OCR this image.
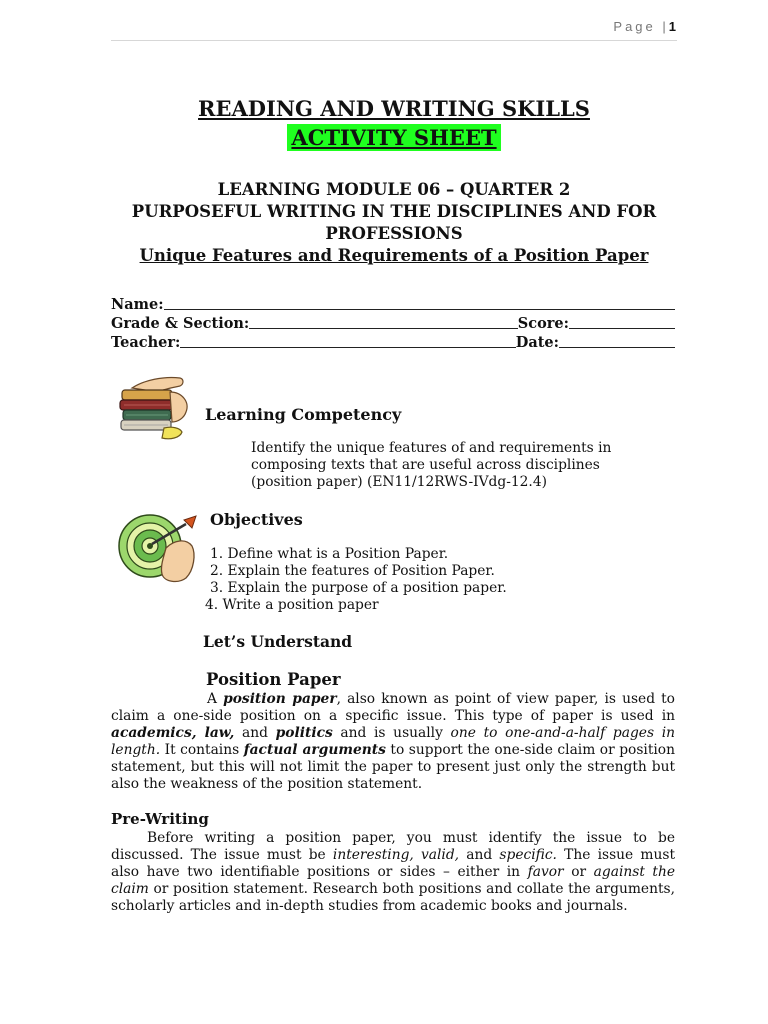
Page |1
READING AND WRITING SKILLS
ACTIVITY SHEET
LEARNING MODULE 06 – QUARTER 2
PURPOSEFUL WRITING IN THE DISCIPLINES AND FOR
PROFESSIONS
Unique Features and Requirements of a Position Paper
Name:
Grade & Section:	Score:
Teacher:	Date:
Learning Competency
Identify the unique features of and requirements in
composing texts that are useful across disciplines
(position paper) (EN11/12RWS-IVdg-12.4)
Objectives
1. Define what is a Position Paper.
2. Explain the features of Position Paper.
3. Explain the purpose of a position paper.
4. Write a position paper
Let’s Understand
Position Paper
A position paper, also known as point of view paper, is used to claim a one-side position on a specific issue. This type of paper is used in academics, law, and politics and is usually one to one-and-a-half pages in length. It contains factual arguments to support the one-side claim or position statement, but this will not limit the paper to present just only the strength but also the weakness of the position statement.
Pre-Writing
Before writing a position paper, you must identify the issue to be discussed. The issue must be interesting, valid, and specific. The issue must also have two identifiable positions or sides – either in favor or against the claim or position statement. Research both positions and collate the arguments, scholarly articles and in-depth studies from academic books and journals.
